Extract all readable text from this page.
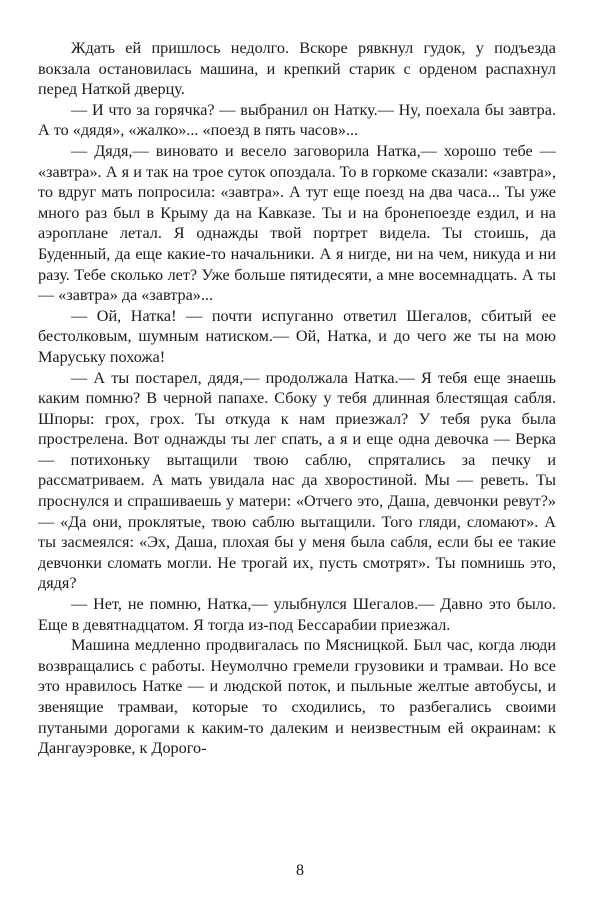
Ждать ей пришлось недолго. Вскоре рявкнул гудок, у подъезда вокзала остановилась машина, и крепкий старик с орденом распахнул перед Наткой дверцу.

— И что за горячка? — выбранил он Натку.— Ну, поехала бы завтра. А то «дядя», «жалко»... «поезд в пять часов»...

— Дядя,— виновато и весело заговорила Натка,— хорошо тебе — «завтра». А я и так на трое суток опоздала. То в горкоме сказали: «завтра», то вдруг мать попросила: «завтра». А тут еще поезд на два часа... Ты уже много раз был в Крыму да на Кавказе. Ты и на бронепоезде ездил, и на аэроплане летал. Я однажды твой портрет видела. Ты стоишь, да Буденный, да еще какие-то начальники. А я нигде, ни на чем, никуда и ни разу. Тебе сколько лет? Уже больше пятидесяти, а мне восемнадцать. А ты — «завтра» да «завтра»...

— Ой, Натка! — почти испуганно ответил Шегалов, сбитый ее бестолковым, шумным натиском.— Ой, Натка, и до чего же ты на мою Маруську похожа!

— А ты постарел, дядя,— продолжала Натка.— Я тебя еще знаешь каким помню? В черной папахе. Сбоку у тебя длинная блестящая сабля. Шпоры: грох, грох. Ты откуда к нам приезжал? У тебя рука была прострелена. Вот однажды ты лег спать, а я и еще одна девочка — Верка — потихоньку вытащили твою саблю, спрятались за печку и рассматриваем. А мать увидала нас да хворостиной. Мы — реветь. Ты проснулся и спрашиваешь у матери: «Отчего это, Даша, девчонки ревут?» — «Да они, проклятые, твою саблю вытащили. Того гляди, сломают». А ты засмеялся: «Эх, Даша, плохая бы у меня была сабля, если бы ее такие девчонки сломать могли. Не трогай их, пусть смотрят». Ты помнишь это, дядя?

— Нет, не помню, Натка,— улыбнулся Шегалов.— Давно это было. Еще в девятнадцатом. Я тогда из-под Бессарабии приезжал.

Машина медленно продвигалась по Мясницкой. Был час, когда люди возвращались с работы. Неумолчно гремели грузовики и трамваи. Но все это нравилось Натке — и людской поток, и пыльные желтые автобусы, и звенящие трамваи, которые то сходились, то разбегались своими путаными дорогами к каким-то далеким и неизвестным ей окраинам: к Дангауэровке, к Дорого-

8
